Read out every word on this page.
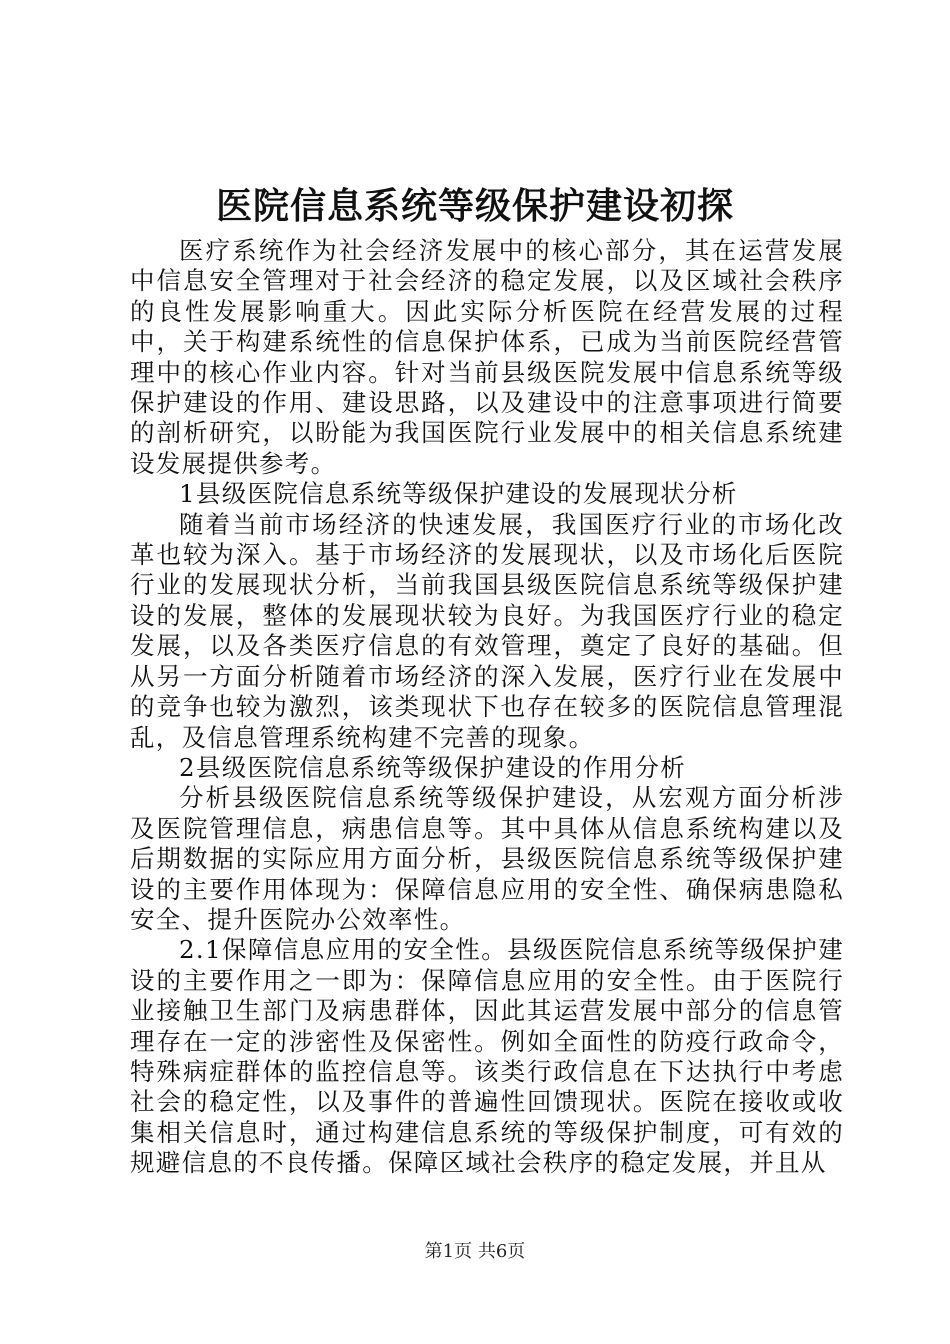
医院信息系统等级保护建设初探

医疗系统作为社会经济发展中的核心部分，其在运营发展中信息安全管理对于社会经济的稳定发展，以及区域社会秩序的良性发展影响重大。因此实际分析医院在经营发展的过程中，关于构建系统性的信息保护体系，已成为当前医院经营管理中的核心作业内容。针对当前县级医院发展中信息系统等级保护建设的作用、建设思路，以及建设中的注意事项进行简要的剖析研究，以盼能为我国医院行业发展中的相关信息系统建设发展提供参考。

1县级医院信息系统等级保护建设的发展现状分析

随着当前市场经济的快速发展，我国医疗行业的市场化改革也较为深入。基于市场经济的发展现状，以及市场化后医院行业的发展现状分析，当前我国县级医院信息系统等级保护建设的发展，整体的发展现状较为良好。为我国医疗行业的稳定发展，以及各类医疗信息的有效管理，奠定了良好的基础。但从另一方面分析随着市场经济的深入发展，医疗行业在发展中的竞争也较为激烈，该类现状下也存在较多的医院信息管理混乱，及信息管理系统构建不完善的现象。

2县级医院信息系统等级保护建设的作用分析

分析县级医院信息系统等级保护建设，从宏观方面分析涉及医院管理信息，病患信息等。其中具体从信息系统构建以及后期数据的实际应用方面分析，县级医院信息系统等级保护建设的主要作用体现为：保障信息应用的安全性、确保病患隐私安全、提升医院办公效率性。

2.1保障信息应用的安全性。县级医院信息系统等级保护建设的主要作用之一即为：保障信息应用的安全性。由于医院行业接触卫生部门及病患群体，因此其运营发展中部分的信息管理存在一定的涉密性及保密性。例如全面性的防疫行政命令，特殊病症群体的监控信息等。该类行政信息在下达执行中考虑社会的稳定性，以及事件的普遍性回馈现状。医院在接收或收集相关信息时，通过构建信息系统的等级保护制度，可有效的规避信息的不良传播。保障区域社会秩序的稳定发展，并且从

第1页 共6页
